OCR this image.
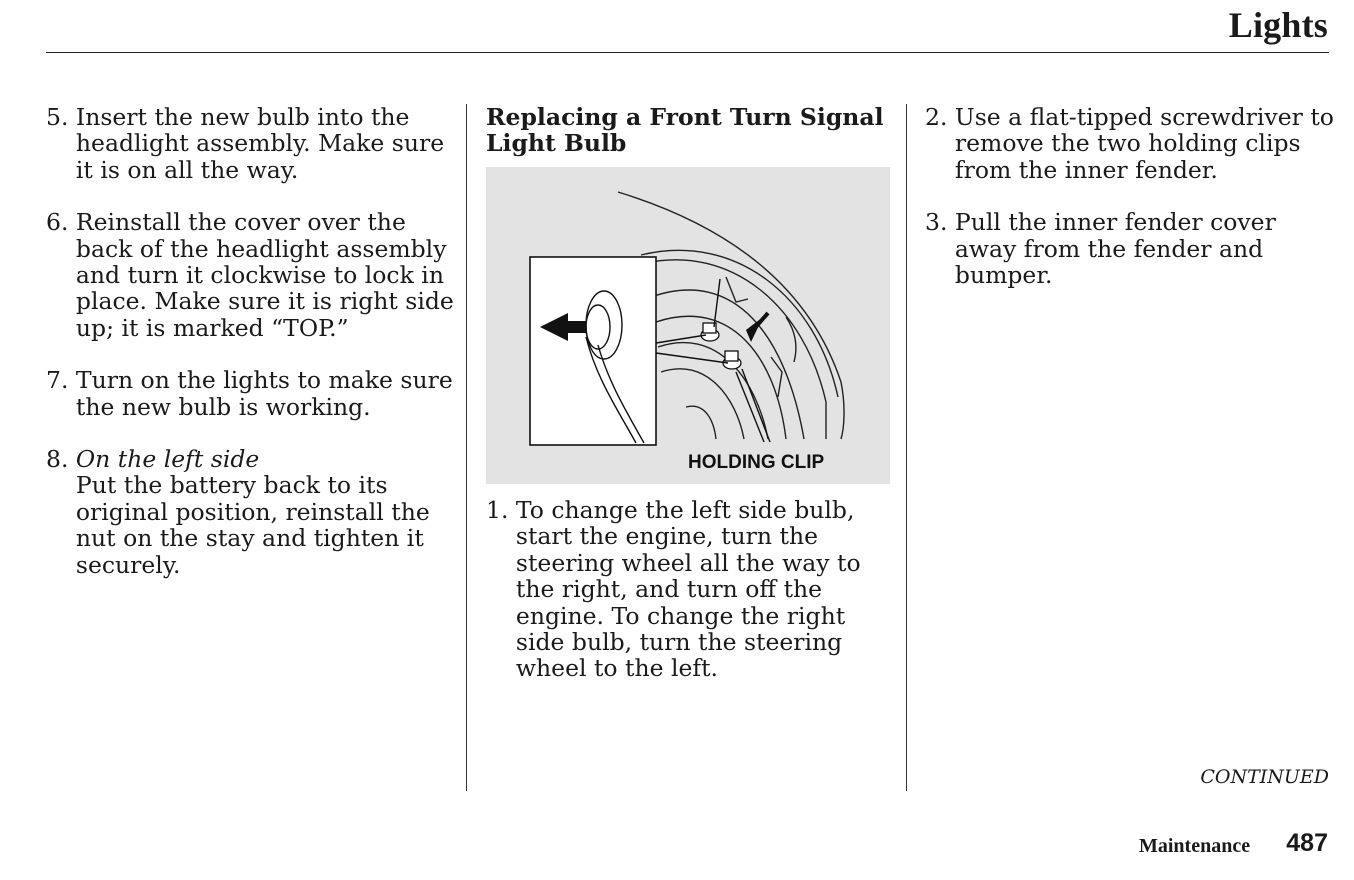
Lights
5. Insert the new bulb into the headlight assembly. Make sure it is on all the way.
6. Reinstall the cover over the back of the headlight assembly and turn it clockwise to lock in place. Make sure it is right side up; it is marked “TOP.”
7. Turn on the lights to make sure the new bulb is working.
8. On the left side
Put the battery back to its original position, reinstall the nut on the stay and tighten it securely.
Replacing a Front Turn Signal Light Bulb
HOLDING CLIP
1. To change the left side bulb, start the engine, turn the steering wheel all the way to the right, and turn off the engine. To change the right side bulb, turn the steering wheel to the left.
2. Use a flat-tipped screwdriver to remove the two holding clips from the inner fender.
3. Pull the inner fender cover away from the fender and bumper.
CONTINUED
Maintenance 487
